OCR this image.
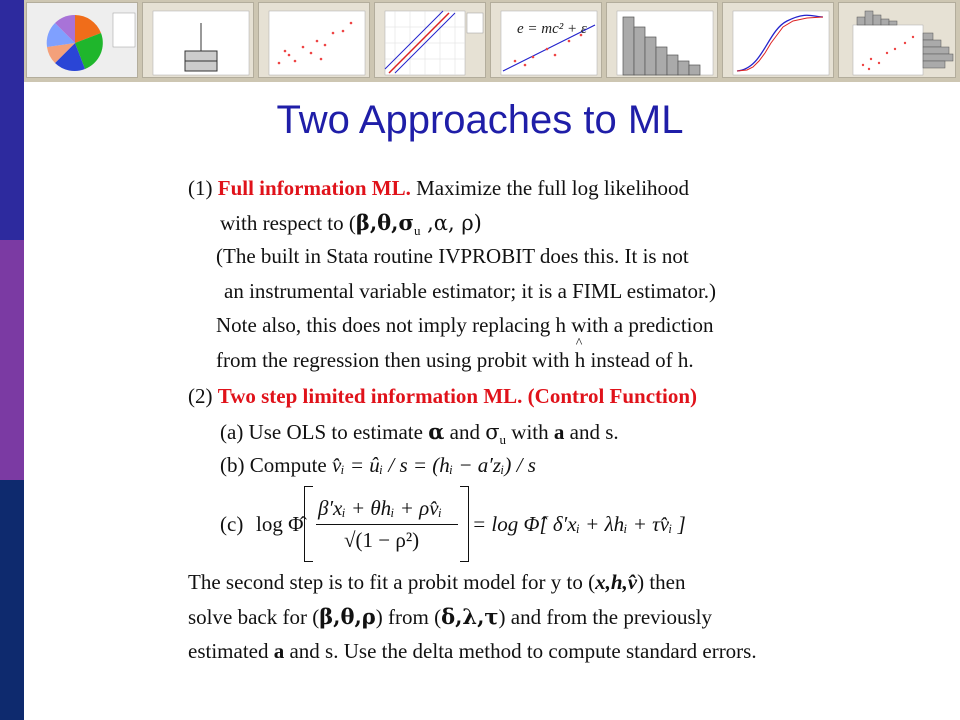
e = mc² + ε
Two Approaches to ML
(1) Full information ML. Maximize the full log likelihood
with respect to ($\beta,\theta,\sigma_u$ ,α, ρ)
(The built in Stata routine IVPROBIT does this. It is not
an instrumental variable estimator; it is a FIML estimator.)
Note also, this does not imply replacing h with a prediction
from the regression then using probit with ^ h instead of h.
(2) Two step limited information ML. (Control Function)
(a) Use OLS to estimate α and $\sigma_u$ with a and s.
(b) Compute v̂ᵢ = ûᵢ / s = (hᵢ − a′zᵢ) / s
(c) log Φ̂
β′xᵢ + θhᵢ + ρv̂ᵢ
√(1 − ρ²)
= log Φ̂[ δ′xᵢ + λhᵢ + τv̂ᵢ ]
The second step is to fit a probit model for y to (x,h,v̂) then
solve back for (β,θ,ρ) from (δ,λ,τ) and from the previously
estimated a and s. Use the delta method to compute standard errors.
